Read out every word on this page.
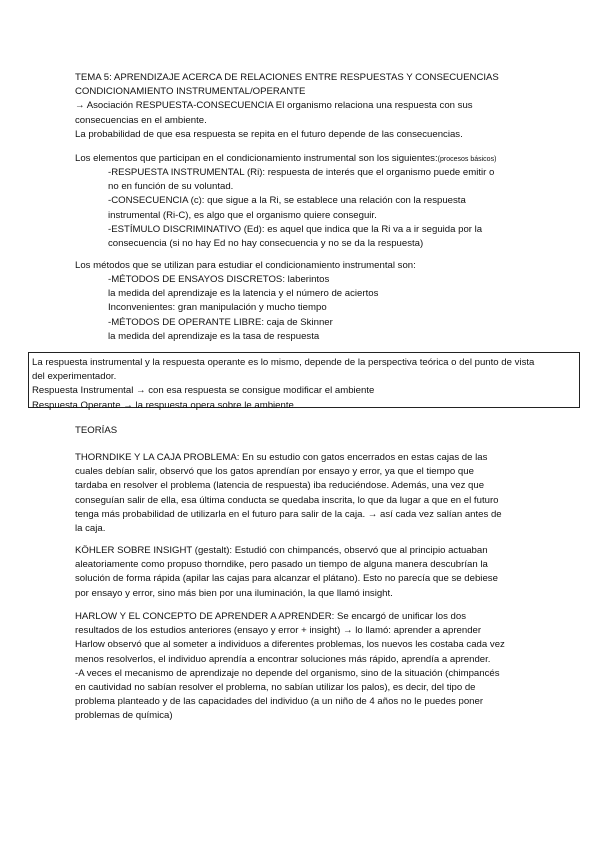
TEMA 5: APRENDIZAJE ACERCA DE RELACIONES ENTRE RESPUESTAS Y CONSECUENCIAS
CONDICIONAMIENTO INSTRUMENTAL/OPERANTE
→ Asociación RESPUESTA-CONSECUENCIA El organismo relaciona una respuesta con sus
consecuencias en el ambiente.
La probabilidad de que esa respuesta se repita en el futuro depende de las consecuencias.
Los elementos que participan en el condicionamiento instrumental son los siguientes:(procesos básicos)
-RESPUESTA INSTRUMENTAL (Ri): respuesta de interés que el organismo puede emitir o
no en función de su voluntad.
-CONSECUENCIA (c): que sigue a la Ri, se establece una relación con la respuesta
instrumental (Ri-C), es algo que el organismo quiere conseguir.
-ESTÍMULO DISCRIMINATIVO (Ed): es aquel que indica que la Ri va a ir seguida por la
consecuencia (si no hay Ed no hay consecuencia y no se da la respuesta)
Los métodos que se utilizan para estudiar el condicionamiento instrumental son:
-MÉTODOS DE ENSAYOS DISCRETOS: laberintos
la medida del aprendizaje es la latencia y el número de aciertos
Inconvenientes: gran manipulación y mucho tiempo
-MÉTODOS DE OPERANTE LIBRE: caja de Skinner
la medida del aprendizaje es la tasa de respuesta
La respuesta instrumental y la respuesta operante es lo mismo, depende de la perspectiva teórica o del punto de vista
del experimentador.
Respuesta Instrumental → con esa respuesta se consigue modificar el ambiente
Respuesta Operante → la respuesta opera sobre le ambiente
TEORÍAS
THORNDIKE Y LA CAJA PROBLEMA: En su estudio con gatos encerrados en estas cajas de las
cuales debían salir, observó que los gatos aprendían por ensayo y error, ya que el tiempo que
tardaba en resolver el problema (latencia de respuesta) iba reduciéndose. Además, una vez que
conseguían salir de ella, esa última conducta se quedaba inscrita, lo que da lugar a que en el futuro
tenga más probabilidad de utilizarla en el futuro para salir de la caja. → así cada vez salían antes de
la caja.
KÖHLER SOBRE INSIGHT (gestalt): Estudió con chimpancés, observó que al principio actuaban
aleatoriamente como propuso thorndike, pero pasado un tiempo de alguna manera descubrían la
solución de forma rápida (apilar las cajas para alcanzar el plátano). Esto no parecía que se debiese
por ensayo y error, sino más bien por una iluminación, la que llamó insight.
HARLOW Y EL CONCEPTO DE APRENDER A APRENDER: Se encargó de unificar los dos
resultados de los estudios anteriores (ensayo y error + insight) → lo llamó: aprender a aprender
Harlow observó que al someter a individuos a diferentes problemas, los nuevos les costaba cada vez
menos resolverlos, el individuo aprendía a encontrar soluciones más rápido, aprendía a aprender.
-A veces el mecanismo de aprendizaje no depende del organismo, sino de la situación (chimpancés
en cautividad no sabían resolver el problema, no sabían utilizar los palos), es decir, del tipo de
problema planteado y de las capacidades del individuo (a un niño de 4 años no le puedes poner
problemas de química)
